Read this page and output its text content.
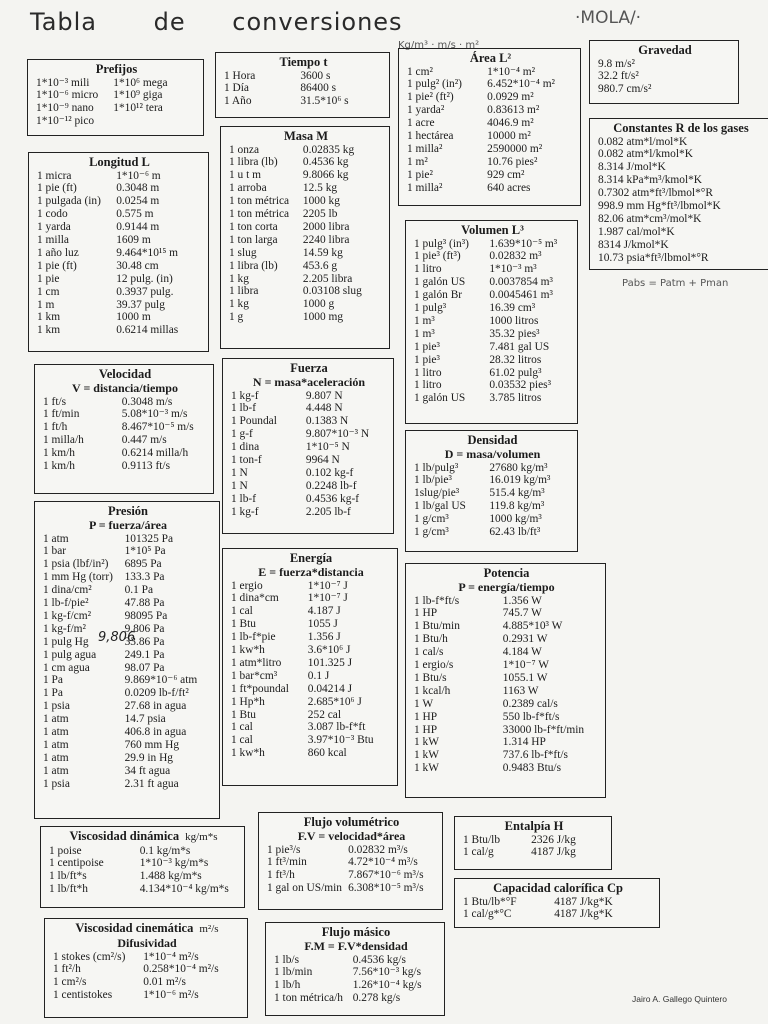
Tabla de conversiones	·MOLA/·
Kg/m³ · m/s · m²
Pabs = Patm + Pman
Prefijos
1*10⁻³ mili	1*10⁶ mega
1*10⁻⁶ micro	1*10⁹ giga
1*10⁻⁹ nano	1*10¹² tera
1*10⁻¹² pico
Tiempo t
1 Hora	3600 s
1 Día	86400 s
1 Año	31.5*10⁶ s
Área L²
1 cm²	1*10⁻⁴ m²
1 pulg² (in²)	6.452*10⁻⁴ m²
1 pie² (ft²)	0.0929 m²
1 yarda²	0.83613 m²
1 acre	4046.9 m²
1 hectárea	10000 m²
1 milla²	2590000 m²
1 m²	10.76 pies²
1 pie²	929 cm²
1 milla²	640 acres
Gravedad
9.8 m/s²
32.2 ft/s²
980.7 cm/s²
Constantes R de los gases
0.082 atm*l/mol*K
0.082 atm*l/kmol*K
8.314 J/mol*K
8.314 kPa*m³/kmol*K
0.7302 atm*ft³/lbmol*°R
998.9 mm Hg*ft³/lbmol*K
82.06 atm*cm³/mol*K
1.987 cal/mol*K
8314 J/kmol*K
10.73 psia*ft³/lbmol*°R
Longitud L
1 micra	1*10⁻⁶ m
1 pie (ft)	0.3048 m
1 pulgada (in)	0.0254 m
1 codo	0.575 m
1 yarda	0.9144 m
1 milla	1609 m
1 año luz	9.464*10¹⁵ m
1 pie (ft)	30.48 cm
1 pie	12 pulg. (in)
1 cm	0.3937 pulg.
1 m	39.37 pulg
1 km	1000 m
1 km	0.6214 millas
Masa M
1 onza	0.02835 kg
1 libra (lb)	0.4536 kg
1 u t m	9.8066 kg
1 arroba	12.5 kg
1 ton métrica	1000 kg
1 ton métrica	2205 lb
1 ton corta	2000 libra
1 ton larga	2240 libra
1 slug	14.59 kg
1 libra (lb)	453.6 g
1 kg	2.205 libra
1 libra	0.03108 slug
1 kg	1000 g
1 g	1000 mg
Volumen L³
1 pulg³ (in³)	1.639*10⁻⁵ m³
1 pie³ (ft³)	0.02832 m³
1 litro	1*10⁻³ m³
1 galón US	0.0037854 m³
1 galón Br	0.0045461 m³
1 pulg³	16.39 cm³
1 m³	1000 litros
1 m³	35.32 pies³
1 pie³	7.481 gal US
1 pie³	28.32 litros
1 litro	61.02 pulg³
1 litro	0.03532 pies³
1 galón US	3.785 litros
Velocidad
V = distancia/tiempo
1 ft/s	0.3048 m/s
1 ft/min	5.08*10⁻³ m/s
1 ft/h	8.467*10⁻⁵ m/s
1 milla/h	0.447 m/s
1 km/h	0.6214 milla/h
1 km/h	0.9113 ft/s
Fuerza
N = masa*aceleración
1 kg-f	9.807 N
1 lb-f	4.448 N
1 Poundal	0.1383 N
1 g-f	9.807*10⁻³ N
1 dina	1*10⁻⁵ N
1 ton-f	9964 N
1 N	0.102 kg-f
1 N	0.2248 lb-f
1 lb-f	0.4536 kg-f
1 kg-f	2.205 lb-f
Densidad
D = masa/volumen
1 lb/pulg³	27680 kg/m³
1 lb/pie³	16.019 kg/m³
1slug/pie³	515.4 kg/m³
1 lb/gal US	119.8 kg/m³
1 g/cm³	1000 kg/m³
1 g/cm³	62.43 lb/ft³
Presión
P = fuerza/área
1 atm	101325 Pa
1 bar	1*10⁵ Pa
1 psia (lbf/in²)	6895 Pa
1 mm Hg (torr)	133.3 Pa
1 dina/cm²	0.1 Pa
1 lb-f/pie²	47.88 Pa
1 kg-f/cm²	98095 Pa
1 kg-f/m²	9.806 Pa
1 pulg Hg	33.86 Pa
1 pulg agua	249.1 Pa
1 cm agua	98.07 Pa
1 Pa	9.869*10⁻⁶ atm
1 Pa	0.0209 lb-f/ft²
1 psia	27.68 in agua
1 atm	14.7 psia
1 atm	406.8 in agua
1 atm	760 mm Hg
1 atm	29.9 in Hg
1 atm	34 ft agua
1 psia	2.31 ft agua
9,806
Energía
E = fuerza*distancia
1 ergio	1*10⁻⁷ J
1 dina*cm	1*10⁻⁷ J
1 cal	4.187 J
1 Btu	1055 J
1 lb-f*pie	1.356 J
1 kw*h	3.6*10⁶ J
1 atm*litro	101.325 J
1 bar*cm³	0.1 J
1 ft*poundal	0.04214 J
1 Hp*h	2.685*10⁶ J
1 Btu	252 cal
1 cal	3.087 lb-f*ft
1 cal	3.97*10⁻³ Btu
1 kw*h	860 kcal
Potencia
P = energía/tiempo
1 lb-f*ft/s	1.356 W
1 HP	745.7 W
1 Btu/min	4.885*10³ W
1 Btu/h	0.2931 W
1 cal/s	4.184 W
1 ergio/s	1*10⁻⁷ W
1 Btu/s	1055.1 W
1 kcal/h	1163 W
1 W	0.2389 cal/s
1 HP	550 lb-f*ft/s
1 HP	33000 lb-f*ft/min
1 kW	1.314 HP
1 kW	737.6 lb-f*ft/s
1 kW	0.9483 Btu/s
Viscosidad dinámica kg/m*s
1 poise	0.1 kg/m*s
1 centipoise	1*10⁻³ kg/m*s
1 lb/ft*s	1.488 kg/m*s
1 lb/ft*h	4.134*10⁻⁴ kg/m*s
Flujo volumétrico
F.V = velocidad*área
1 pie³/s	0.02832 m³/s
1 ft³/min	4.72*10⁻⁴ m³/s
1 ft³/h	7.867*10⁻⁶ m³/s
1 gal on US/min 6.308*10⁻⁵ m³/s
Entalpía H
1 Btu/lb	2326 J/kg
1 cal/g	4187 J/kg
Capacidad calorífica Cp
1 Btu/lb*°F	4187 J/kg*K
1 cal/g*°C	4187 J/kg*K
Viscosidad cinemática m²/s
Difusividad
1 stokes (cm²/s)	1*10⁻⁴ m²/s
1 ft²/h	0.258*10⁻⁴ m²/s
1 cm²/s	0.01 m²/s
1 centistokes	1*10⁻⁶ m²/s
Flujo másico
F.M = F.V*densidad
1 lb/s	0.4536 kg/s
1 lb/min	7.56*10⁻³ kg/s
1 lb/h	1.26*10⁻⁴ kg/s
1 ton métrica/h 0.278 kg/s	Jairo A. Gallego Quintero
